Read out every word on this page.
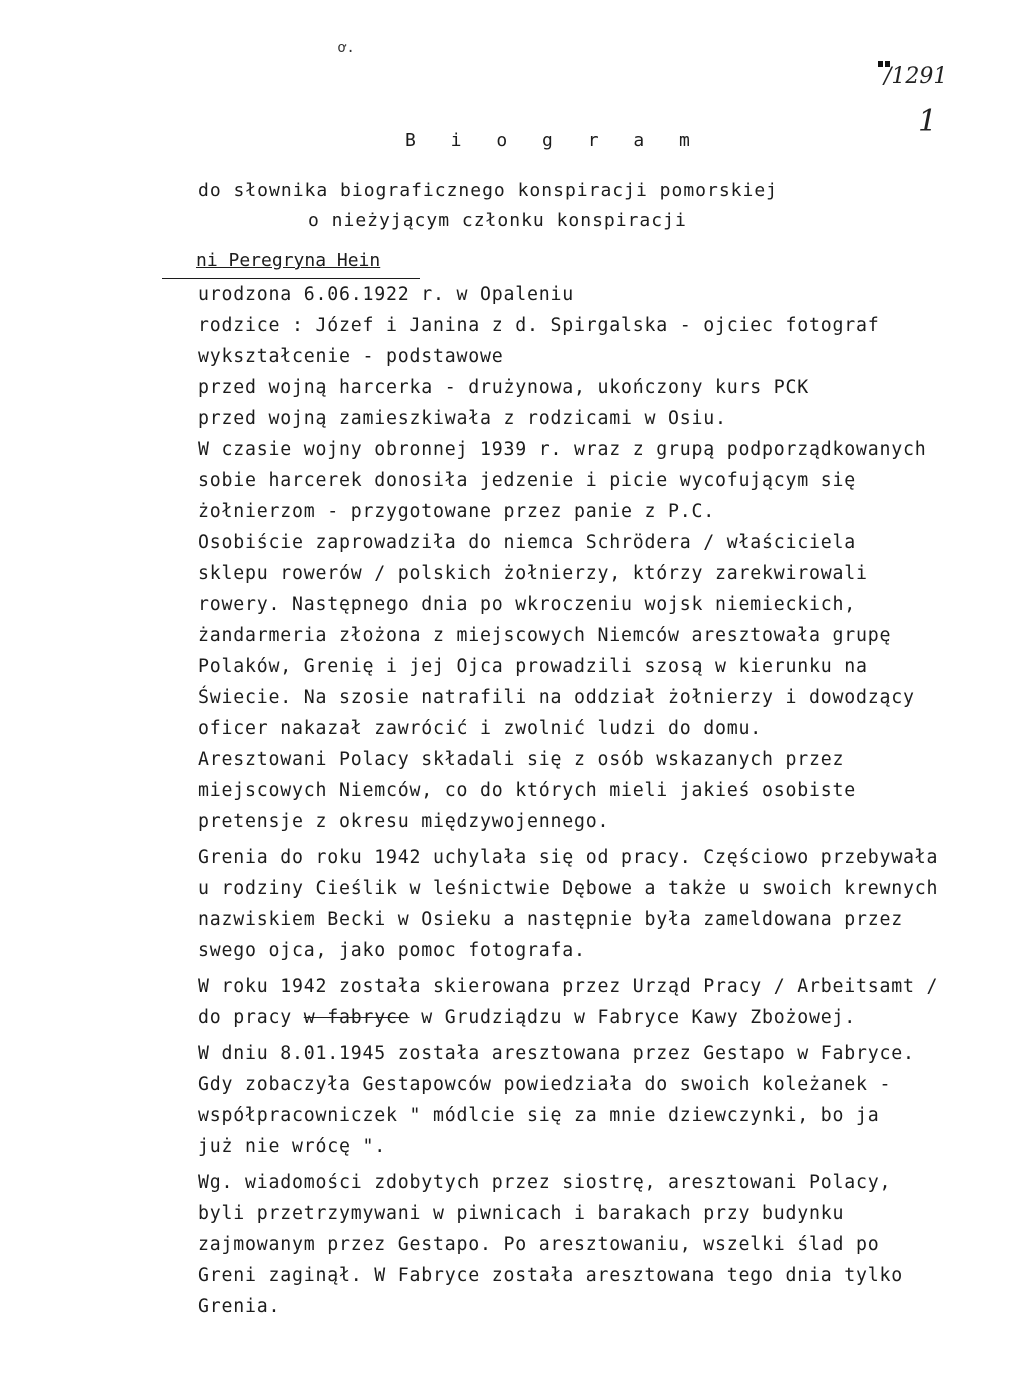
ơ.
/1291
1
B i o g r a m
do słownika biograficznego konspiracji pomorskiej
o nieżyjącym członku konspiracji
ni Peregryna Hein
urodzona 6.06.1922 r. w Opaleniu
rodzice : Józef i Janina z d. Spirgalska - ojciec fotograf
wykształcenie - podstawowe
przed wojną harcerka - drużynowa, ukończony kurs PCK
przed wojną zamieszkiwała z rodzicami w Osiu.
W czasie wojny obronnej 1939 r. wraz z grupą podporządkowanych
sobie harcerek donosiła jedzenie i picie wycofującym się
żołnierzom - przygotowane przez panie z P.C.
Osobiście zaprowadziła do niemca Schrödera / właściciela
sklepu rowerów / polskich żołnierzy, którzy zarekwirowali
rowery. Następnego dnia po wkroczeniu wojsk niemieckich,
żandarmeria złożona z miejscowych Niemców aresztowała grupę
Polaków, Grenię i jej Ojca prowadzili szosą w kierunku na
Świecie. Na szosie natrafili na oddział żołnierzy i dowodzący
oficer nakazał zawrócić i zwolnić ludzi do domu.
Aresztowani Polacy składali się z osób wskazanych przez
miejscowych Niemców, co do których mieli jakieś osobiste
pretensje z okresu międzywojennego.
Grenia do roku 1942 uchylała się od pracy. Częściowo przebywała
u rodziny Cieślik w leśnictwie Dębowe a także u swoich krewnych
nazwiskiem Becki w Osieku a następnie była zameldowana przez
swego ojca, jako pomoc fotografa.
W roku 1942 została skierowana przez Urząd Pracy / Arbeitsamt /
do pracy w fabryce w Grudziądzu w Fabryce Kawy Zbożowej.
W dniu 8.01.1945 została aresztowana przez Gestapo w Fabryce.
Gdy zobaczyła Gestapowców powiedziała do swoich koleżanek -
współpracowniczek " módlcie się za mnie dziewczynki, bo ja
już nie wrócę ".
Wg. wiadomości zdobytych przez siostrę, aresztowani Polacy,
byli przetrzymywani w piwnicach i barakach przy budynku
zajmowanym przez Gestapo. Po aresztowaniu, wszelki ślad po
Greni zaginął. W Fabryce została aresztowana tego dnia tylko
Grenia.
